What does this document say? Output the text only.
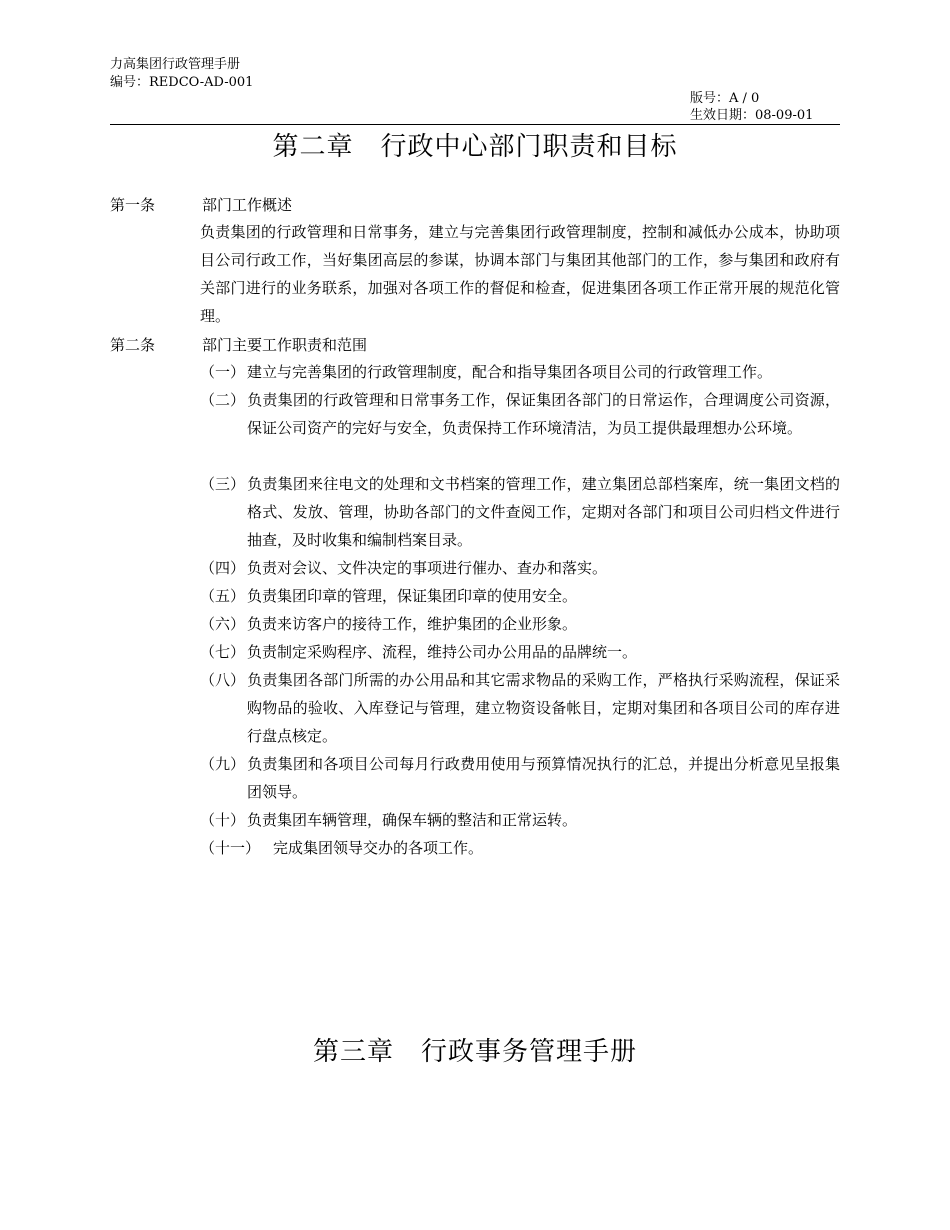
力高集团行政管理手册
编号：REDCO-AD-001
版号：A / 0
生效日期：08-09-01
第二章　行政中心部门职责和目标
第一条	部门工作概述
负责集团的行政管理和日常事务，建立与完善集团行政管理制度，控制和减低办公成本，协助项目公司行政工作，当好集团高层的参谋，协调本部门与集团其他部门的工作，参与集团和政府有关部门进行的业务联系，加强对各项工作的督促和检查，促进集团各项工作正常开展的规范化管理。
第二条	部门主要工作职责和范围
（一） 建立与完善集团的行政管理制度，配合和指导集团各项目公司的行政管理工作。
（二） 负责集团的行政管理和日常事务工作，保证集团各部门的日常运作，合理调度公司资源，保证公司资产的完好与安全，负责保持工作环境清洁，为员工提供最理想办公环境。
（三） 负责集团来往电文的处理和文书档案的管理工作，建立集团总部档案库，统一集团文档的格式、发放、管理，协助各部门的文件查阅工作，定期对各部门和项目公司归档文件进行抽查，及时收集和编制档案目录。
（四） 负责对会议、文件决定的事项进行催办、查办和落实。
（五） 负责集团印章的管理，保证集团印章的使用安全。
（六） 负责来访客户的接待工作，维护集团的企业形象。
（七） 负责制定采购程序、流程，维持公司办公用品的品牌统一。
（八） 负责集团各部门所需的办公用品和其它需求物品的采购工作，严格执行采购流程，保证采购物品的验收、入库登记与管理，建立物资设备帐目，定期对集团和各项目公司的库存进行盘点核定。
（九） 负责集团和各项目公司每月行政费用使用与预算情况执行的汇总，并提出分析意见呈报集团领导。
（十） 负责集团车辆管理，确保车辆的整洁和正常运转。
（十一） 完成集团领导交办的各项工作。
第三章　行政事务管理手册
